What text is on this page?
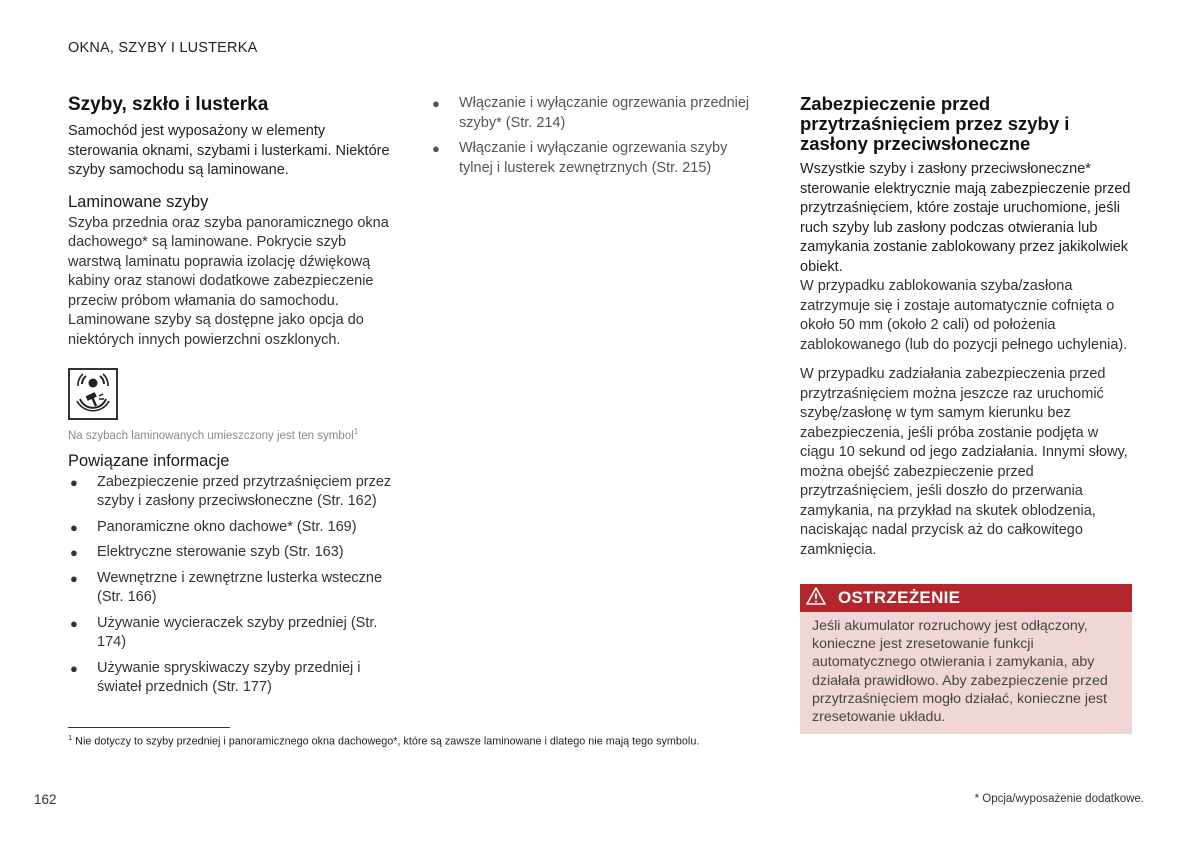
OKNA, SZYBY I LUSTERKA
Szyby, szkło i lusterka

Samochód jest wyposażony w elementy sterowania oknami, szybami i lusterkami. Niektóre szyby samochodu są laminowane.

Laminowane szyby

Szyba przednia oraz szyba panoramicznego okna dachowego* są laminowane. Pokrycie szyb warstwą laminatu poprawia izolację dźwiękową kabiny oraz stanowi dodatkowe zabezpieczenie przeciw próbom włamania do samochodu. Laminowane szyby są dostępne jako opcja do niektórych innych powierzchni oszklonych.

Na szybach laminowanych umieszczony jest ten symbol$^1$
Powiązane informacje
● Zabezpieczenie przed przytrzaśnięciem przez szyby i zasłony przeciwsłoneczne (Str. 162)
● Panoramiczne okno dachowe* (Str. 169)
● Elektryczne sterowanie szyb (Str. 163)
● Wewnętrzne i zewnętrzne lusterka wsteczne (Str. 166)
● Używanie wycieraczek szyby przedniej (Str. 174)
● Używanie spryskiwaczy szyby przedniej i świateł przednich (Str. 177)
● Włączanie i wyłączanie ogrzewania przedniej szyby* (Str. 214)
● Włączanie i wyłączanie ogrzewania szyby tylnej i lusterek zewnętrznych (Str. 215)
Zabezpieczenie przed przytrzaśnięciem przez szyby i zasłony przeciwsłoneczne

Wszystkie szyby i zasłony przeciwsłoneczne* sterowanie elektrycznie mają zabezpieczenie przed przytrzaśnięciem, które zostaje uruchomione, jeśli ruch szyby lub zasłony podczas otwierania lub zamykania zostanie zablokowany przez jakikolwiek obiekt.

W przypadku zablokowania szyba/zasłona zatrzymuje się i zostaje automatycznie cofnięta o około 50 mm (około 2 cali) od położenia zablokowanego (lub do pozycji pełnego uchylenia).

W przypadku zadziałania zabezpieczenia przed przytrzaśnięciem można jeszcze raz uruchomić szybę/zasłonę w tym samym kierunku bez zabezpieczenia, jeśli próba zostanie podjęta w ciągu 10 sekund od jego zadziałania. Innymi słowy, można obejść zabezpieczenie przed przytrzaśnięciem, jeśli doszło do przerwania zamykania, na przykład na skutek oblodzenia, naciskając nadal przycisk aż do całkowitego zamknięcia.

OSTRZEŻENIE
Jeśli akumulator rozruchowy jest odłączony, konieczne jest zresetowanie funkcji automatycznego otwierania i zamykania, aby działała prawidłowo. Aby zabezpieczenie przed przytrzaśnięciem mogło działać, konieczne jest zresetowanie układu.
$^1$ Nie dotyczy to szyby przedniej i panoramicznego okna dachowego*, które są zawsze laminowane i dlatego nie mają tego symbolu.
162	* Opcja/wyposażenie dodatkowe.
